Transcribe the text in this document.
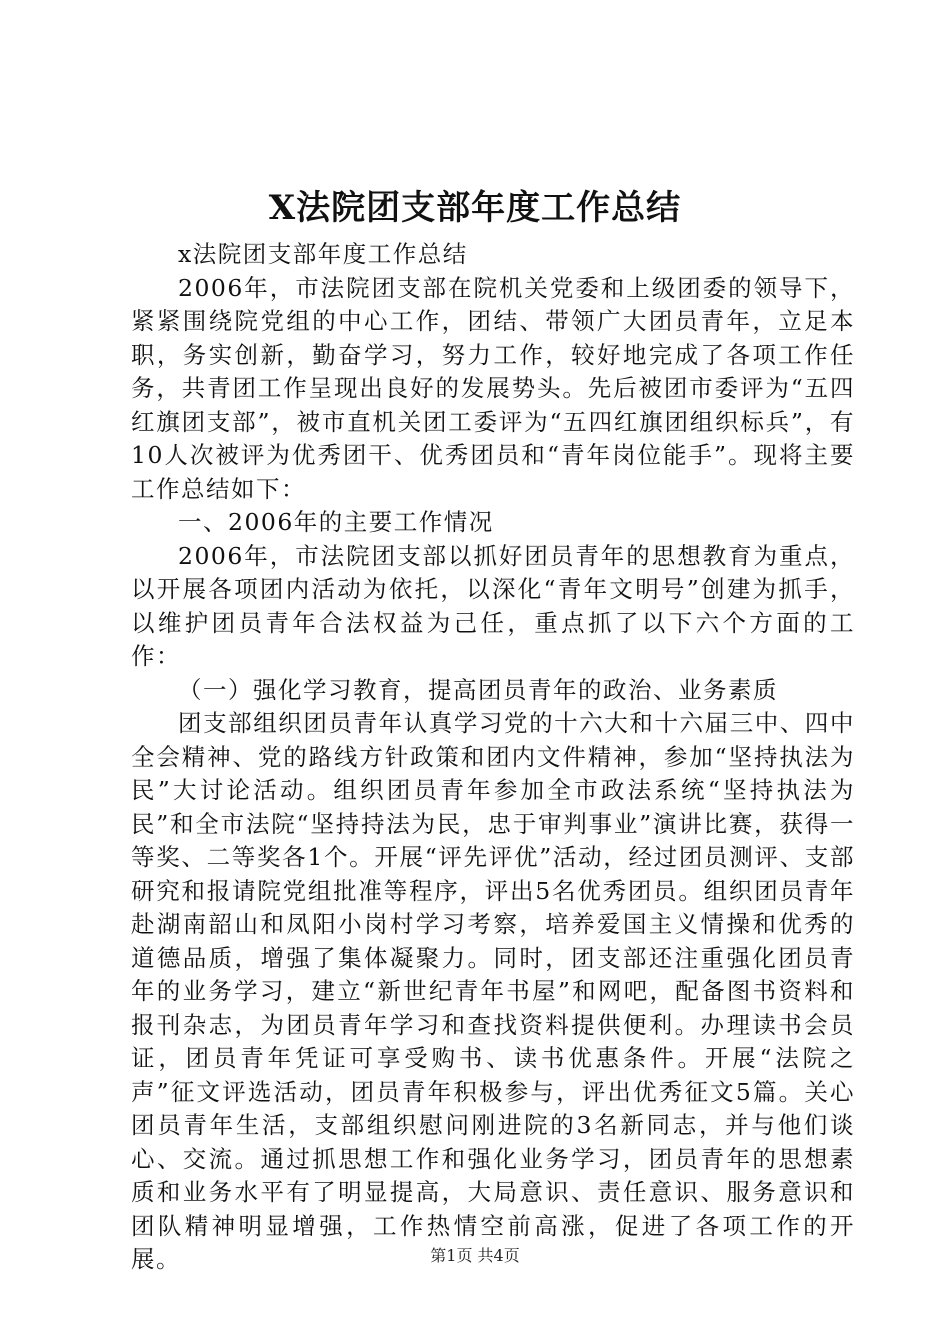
X法院团支部年度工作总结

x法院团支部年度工作总结

2006年，市法院团支部在院机关党委和上级团委的领导下，紧紧围绕院党组的中心工作，团结、带领广大团员青年，立足本职，务实创新，勤奋学习，努力工作，较好地完成了各项工作任务，共青团工作呈现出良好的发展势头。先后被团市委评为“五四红旗团支部”，被市直机关团工委评为“五四红旗团组织标兵”，有10人次被评为优秀团干、优秀团员和“青年岗位能手”。现将主要工作总结如下：

一、2006年的主要工作情况

2006年，市法院团支部以抓好团员青年的思想教育为重点，以开展各项团内活动为依托，以深化“青年文明号”创建为抓手，以维护团员青年合法权益为己任，重点抓了以下六个方面的工作：

（一）强化学习教育，提高团员青年的政治、业务素质

团支部组织团员青年认真学习党的十六大和十六届三中、四中全会精神、党的路线方针政策和团内文件精神，参加“坚持执法为民”大讨论活动。组织团员青年参加全市政法系统“坚持执法为民”和全市法院“坚持持法为民，忠于审判事业”演讲比赛，获得一等奖、二等奖各1个。开展“评先评优”活动，经过团员测评、支部研究和报请院党组批准等程序，评出5名优秀团员。组织团员青年赴湖南韶山和凤阳小岗村学习考察，培养爱国主义情操和优秀的道德品质，增强了集体凝聚力。同时，团支部还注重强化团员青年的业务学习，建立“新世纪青年书屋”和网吧，配备图书资料和报刊杂志，为团员青年学习和查找资料提供便利。办理读书会员证，团员青年凭证可享受购书、读书优惠条件。开展“法院之声”征文评选活动，团员青年积极参与，评出优秀征文5篇。关心团员青年生活，支部组织慰问刚进院的3名新同志，并与他们谈心、交流。通过抓思想工作和强化业务学习，团员青年的思想素质和业务水平有了明显提高，大局意识、责任意识、服务意识和团队精神明显增强，工作热情空前高涨，促进了各项工作的开展。	第1页 共4页
